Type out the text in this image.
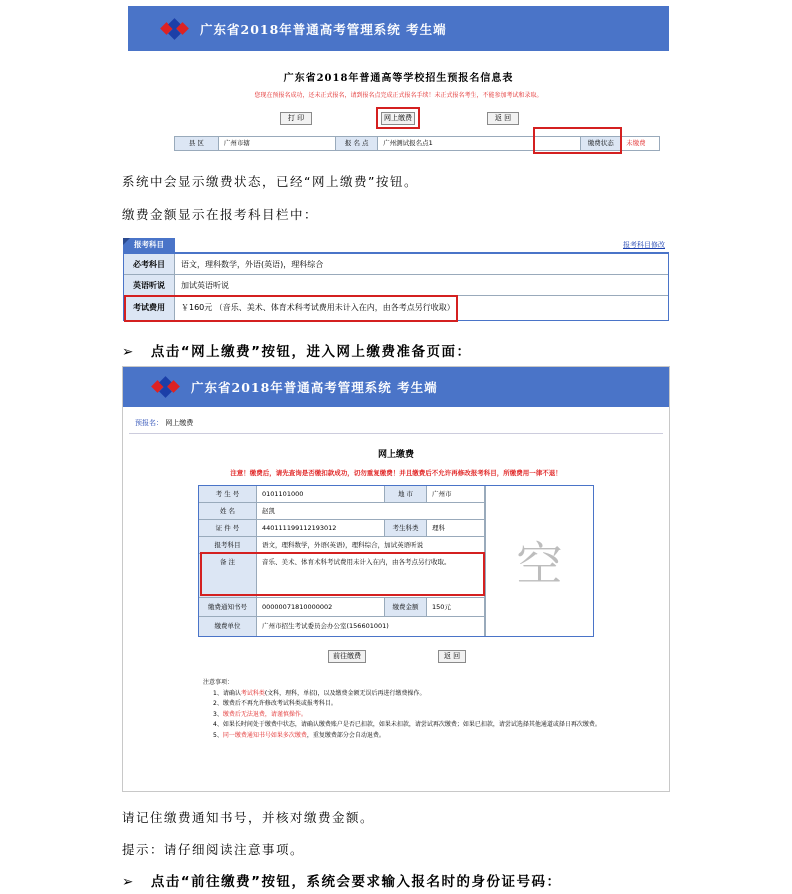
广东省2018年普通高考管理系统 考生端
广东省2018年普通高等学校招生预报名信息表
您现在预报名成功，还未正式报名，请到报名点完成正式报名手续！未正式报名考生，不能参加考试和录取。
打 印	网上缴费	返 回
县 区	广州市辖	报 名 点	广州测试报名点1	缴费状态	未缴费
系统中会显示缴费状态，已经“网上缴费”按钮。
缴费金额显示在报考科目栏中：
报考科目	报考科目修改
必考科目	语文，理科数学，外语(英语)，理科综合
英语听说	加试英语听说
考试费用	￥160元 （音乐、美术、体育术科考试费用未计入在内，由各考点另行收取）
➢ 点击“网上缴费”按钮，进入网上缴费准备页面：
广东省2018年普通高考管理系统 考生端
预报名： 网上缴费
网上缴费
注意！缴费后，请先查询是否缴扣款成功，切勿重复缴费！并且缴费后不允许再修改报考科目，所缴费用一律不退！
考 生 号	0101101000	地 市	广州市
姓 名	赵凯
证 件 号	440111199112193012	考生科类	理科
报考科目	语文，理科数学，外语(英语)，理科综合，加试英语听说
备 注	音乐、美术、体育术科考试费用未计入在内，由各考点另行收取。
缴费通知书号	00000071810000002	缴费金额	150元
缴费单位	广州市招生考试委员会办公室(156601001)
空
前往缴费	返 回
注意事项：
1、请确认考试科类(文科，理科，单招)，以及缴费金额无误后再进行缴费操作。
2、缴费后不再允许修改考试科类或报考科目。
3、缴费后无法退费，请谨慎操作。
4、如果长时间处于缴费中状态，请确认缴费账户是否已扣款，如果未扣款，请尝试再次缴费；如果已扣款，请尝试选择其他通道或择日再次缴费。
5、同一缴费通知书号如果多次缴费，重复缴费部分会自动退费。
请记住缴费通知书号，并核对缴费金额。
提示：请仔细阅读注意事项。
➢ 点击“前往缴费”按钮，系统会要求输入报名时的身份证号码：
